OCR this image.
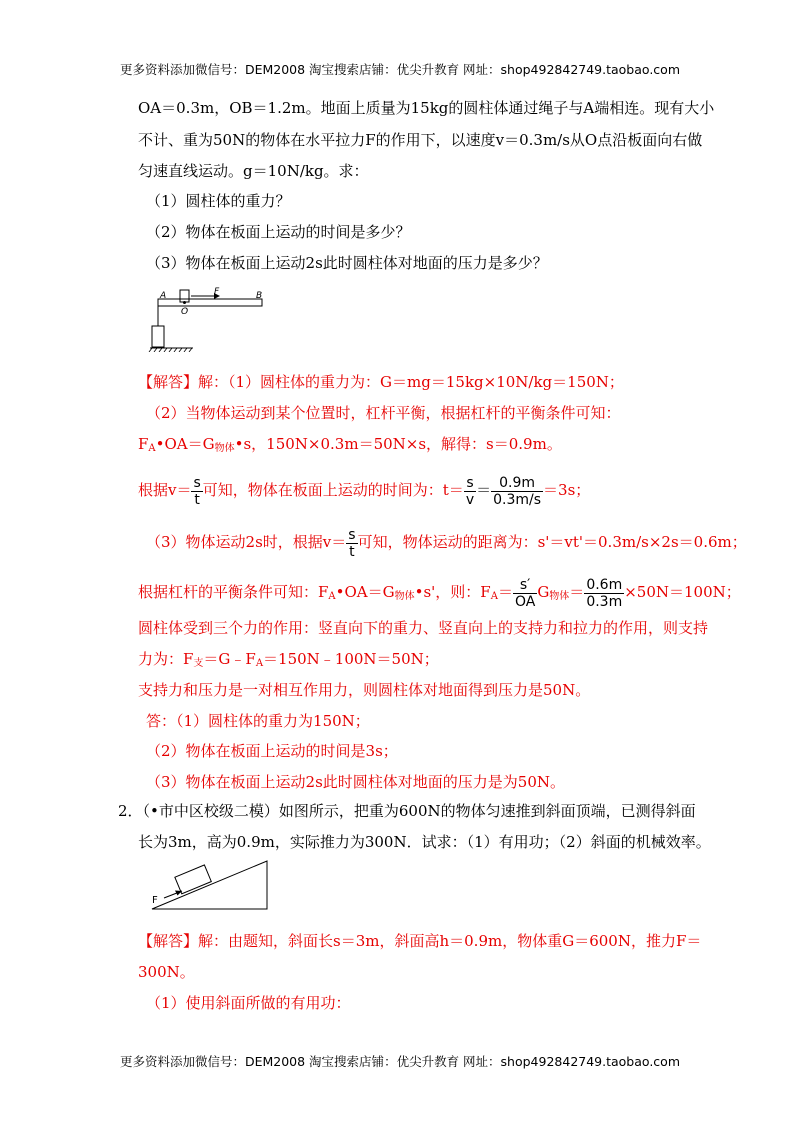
更多资料添加微信号：DEM2008 淘宝搜索店铺：优尖升教育 网址：shop492842749.taobao.com
OA＝0.3m，OB＝1.2m。地面上质量为15kg的圆柱体通过绳子与A端相连。现有大小
不计、重为50N的物体在水平拉力F的作用下，以速度v＝0.3m/s从O点沿板面向右做
匀速直线运动。g＝10N/kg。求：
（1）圆柱体的重力？
（2）物体在板面上运动的时间是多少？
（3）物体在板面上运动2s此时圆柱体对地面的压力是多少？
A	B
O
F
【解答】解：（1）圆柱体的重力为：G＝mg＝15kg×10N/kg＝150N；
（2）当物体运动到某个位置时，杠杆平衡，根据杠杆的平衡条件可知：
$F_A•OA=G_{物体}•s$，150N×0.3m＝50N×s，解得：s＝0.9m。
根据$v= \frac{s}{t}$ 可知，物体在板面上运动的时间为：$t= \frac{s}{v} = \frac{0.9m}{0.3m/s} =3s$；
（3）物体运动2s时，根据$v= \frac{s}{t}$ 可知，物体运动的距离为：s'＝vt'＝0.3m/s×2s＝0.6m；
根据杠杆的平衡条件可知：$F_A•OA=G_{物体}•s'$，则：$F_A= \frac{s'}{OA} G_{物体}= \frac{0.6m}{0.3m} \times 50N=100N$；
圆柱体受到三个力的作用：竖直向下的重力、竖直向上的支持力和拉力的作用，则支持
力为：$F_支=G﹣F_A=150N﹣100N=50N$；
支持力和压力是一对相互作用力，则圆柱体对地面得到压力是50N。
答：（1）圆柱体的重力为150N；
（2）物体在板面上运动的时间是3s；
（3）物体在板面上运动2s此时圆柱体对地面的压力是为50N。
2．（•市中区校级二模）如图所示，把重为600N的物体匀速推到斜面顶端，已测得斜面
长为3m，高为0.9m，实际推力为300N．试求：（1）有用功；（2）斜面的机械效率。
F
【解答】解：由题知，斜面长s＝3m，斜面高h＝0.9m，物体重G＝600N，推力F＝
300N。
（1）使用斜面所做的有用功：
更多资料添加微信号：DEM2008 淘宝搜索店铺：优尖升教育 网址：shop492842749.taobao.com
